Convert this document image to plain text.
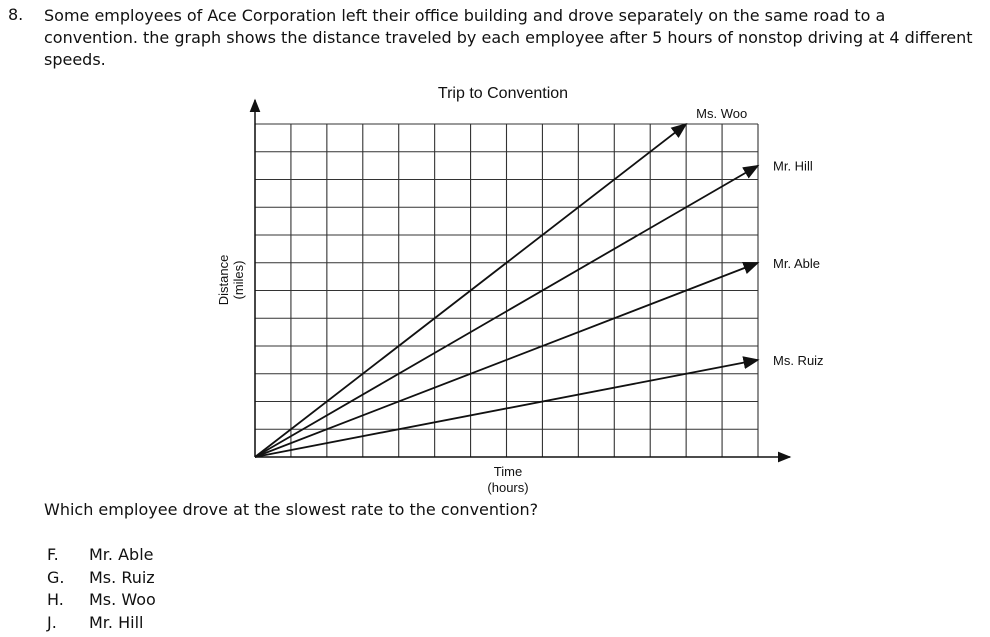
8. Some employees of Ace Corporation left their office building and drove separately on the same road to a convention. the graph shows the distance traveled by each employee after 5 hours of nonstop driving at 4 different speeds.
Trip to Convention
Distance (miles)
Time
(hours)
Ms. Woo
Mr. Hill
Mr. Able
Ms. Ruiz
Which employee drove at the slowest rate to the convention?
F. Mr. Able
G. Ms. Ruiz
H. Ms. Woo
J. Mr. Hill
